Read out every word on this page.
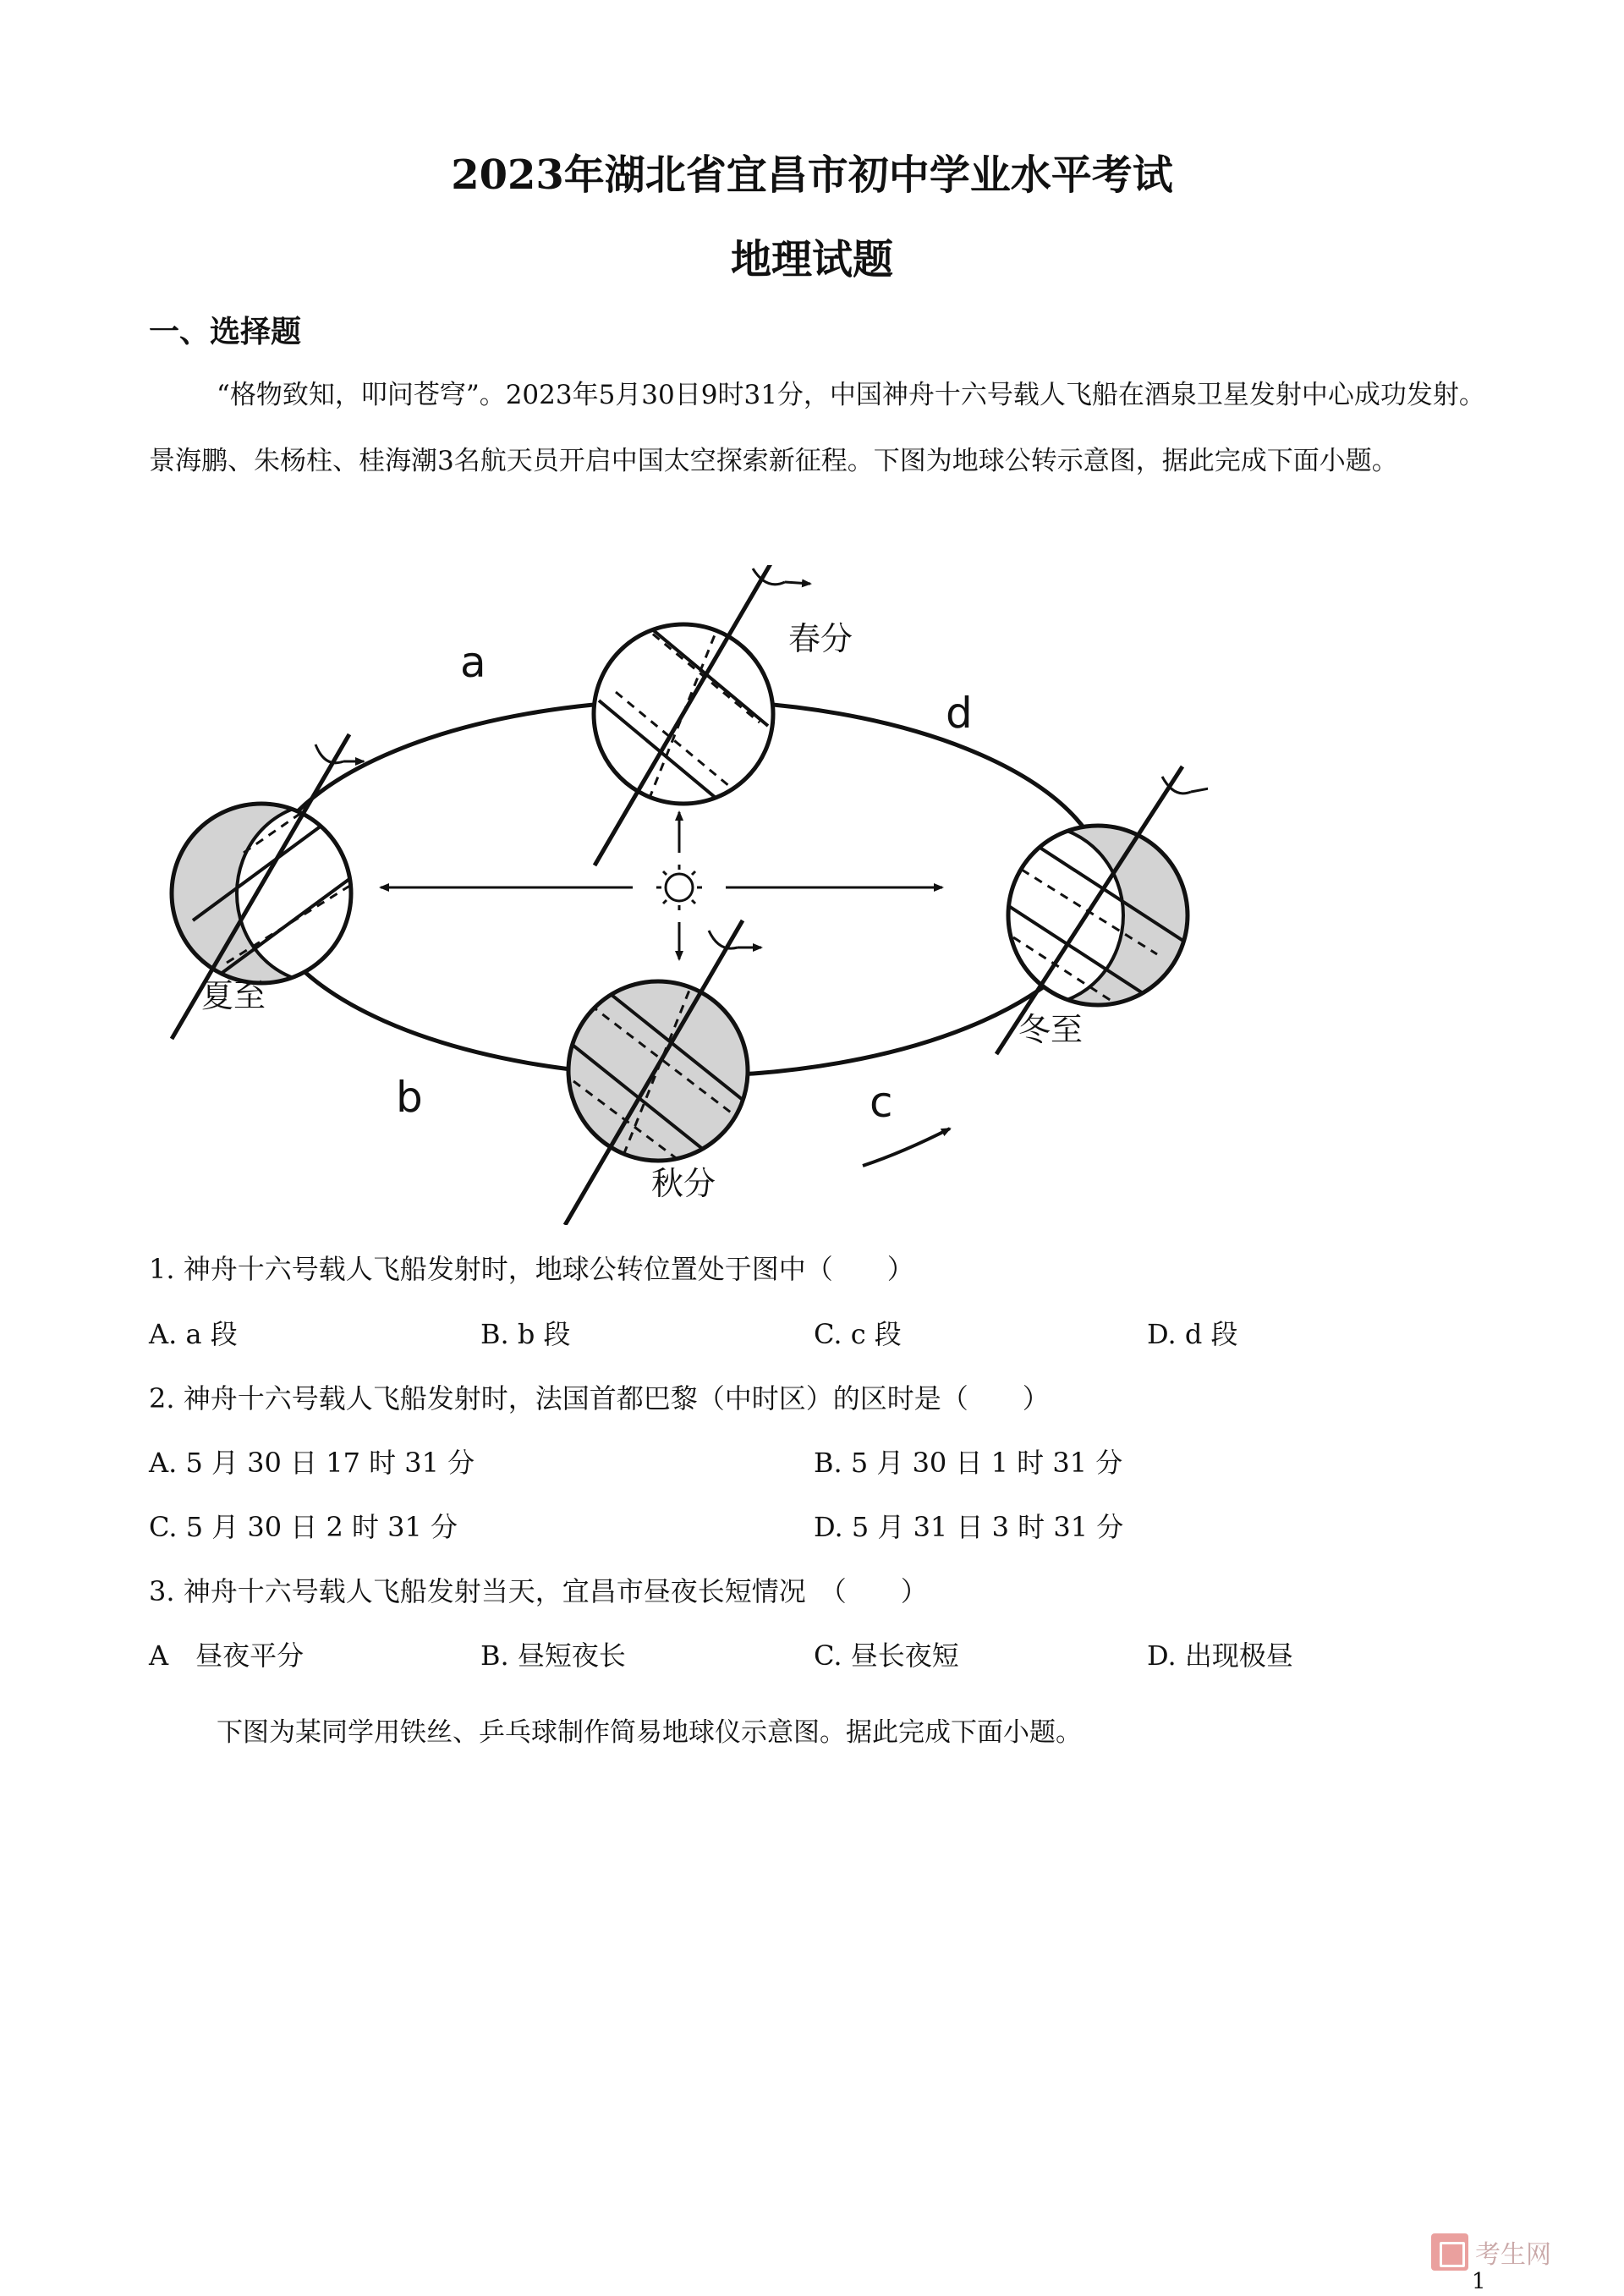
2023年湖北省宜昌市初中学业水平考试
地理试题
一、选择题

“格物致知，叩问苍穹”。2023年5月30日9时31分，中国神舟十六号载人飞船在酒泉卫星发射中心成功发射。景海鹏、朱杨柱、桂海潮3名航天员开启中国太空探索新征程。下图为地球公转示意图，据此完成下面小题。

春分
夏至
秋分
冬至
a
b	c
d

1. 神舟十六号载人飞船发射时，地球公转位置处于图中（　　）

A. a 段	B. b 段	C. c 段	D. d 段

2. 神舟十六号载人飞船发射时，法国首都巴黎（中时区）的区时是（　　）

A. 5 月 30 日 17 时 31 分	B. 5 月 30 日 1 时 31 分
C. 5 月 30 日 2 时 31 分	D. 5 月 31 日 3 时 31 分

3. 神舟十六号载人飞船发射当天，宜昌市昼夜长短情况　（　　）

A　昼夜平分	B. 昼短夜长	C. 昼长夜短	D. 出现极昼

下图为某同学用铁丝、乒乓球制作简易地球仪示意图。据此完成下面小题。

考生网
1
